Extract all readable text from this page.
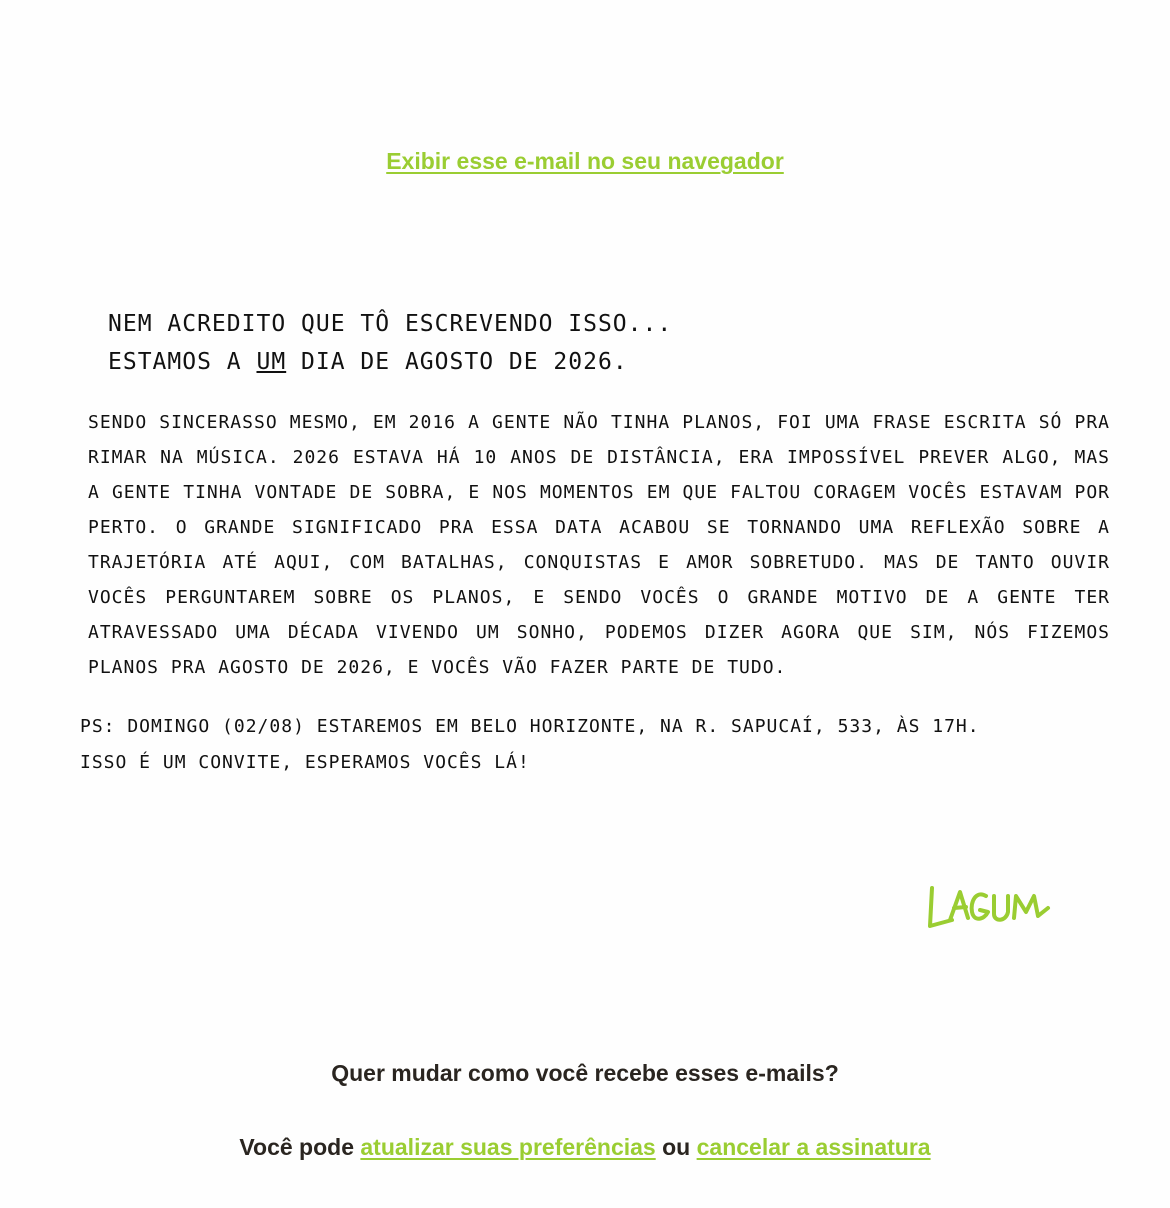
Exibir esse e-mail no seu navegador
NEM ACREDITO QUE TÔ ESCREVENDO ISSO...
ESTAMOS A UM DIA DE AGOSTO DE 2026.
SENDO SINCERASSO MESMO, EM 2016 A GENTE NÃO TINHA PLANOS, FOI UMA FRASE ESCRITA SÓ PRA RIMAR NA MÚSICA. 2026 ESTAVA HÁ 10 ANOS DE DISTÂNCIA, ERA IMPOSSÍVEL PREVER ALGO, MAS A GENTE TINHA VONTADE DE SOBRA, E NOS MOMENTOS EM QUE FALTOU CORAGEM VOCÊS ESTAVAM POR PERTO. O GRANDE SIGNIFICADO PRA ESSA DATA ACABOU SE TORNANDO UMA REFLEXÃO SOBRE A TRAJETÓRIA ATÉ AQUI, COM BATALHAS, CONQUISTAS E AMOR SOBRETUDO. MAS DE TANTO OUVIR VOCÊS PERGUNTAREM SOBRE OS PLANOS, E SENDO VOCÊS O GRANDE MOTIVO DE A GENTE TER ATRAVESSADO UMA DÉCADA VIVENDO UM SONHO, PODEMOS DIZER AGORA QUE SIM, NÓS FIZEMOS PLANOS PRA AGOSTO DE 2026, E VOCÊS VÃO FAZER PARTE DE TUDO.
PS: DOMINGO (02/08) ESTAREMOS EM BELO HORIZONTE, NA R. SAPUCAÍ, 533, ÀS 17H.
ISSO É UM CONVITE, ESPERAMOS VOCÊS LÁ!
Quer mudar como você recebe esses e-mails?
Você pode atualizar suas preferências ou cancelar a assinatura
